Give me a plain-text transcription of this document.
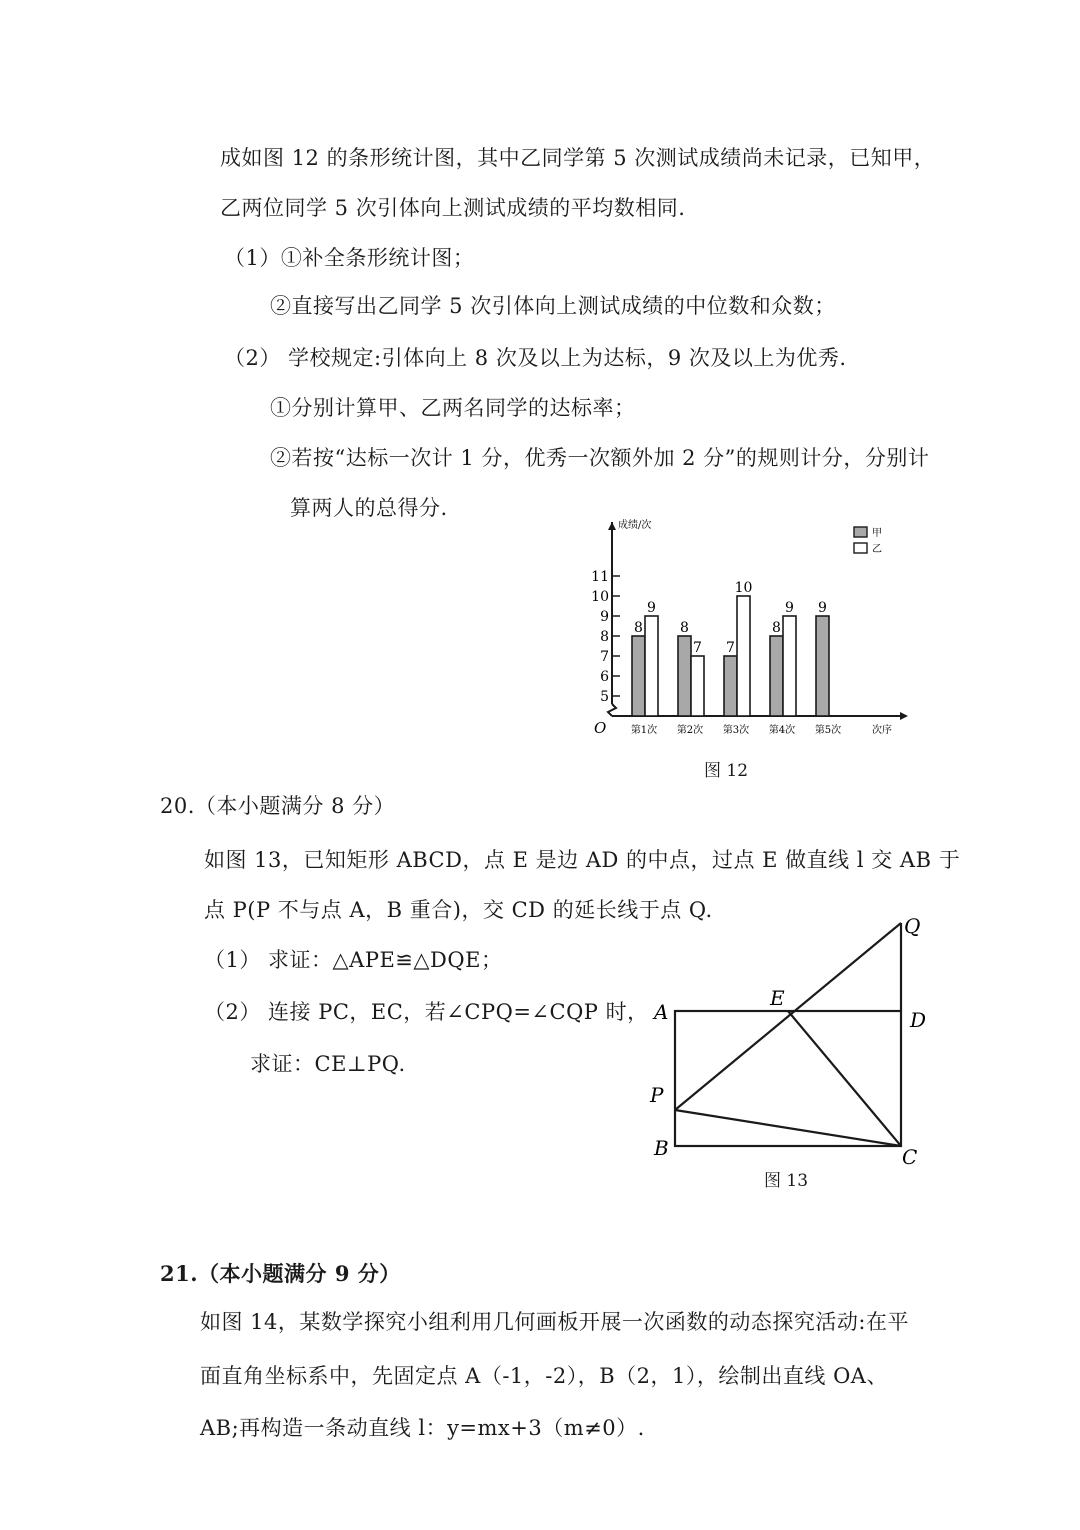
成如图 12 的条形统计图，其中乙同学第 5 次测试成绩尚未记录，已知甲，
乙两位同学 5 次引体向上测试成绩的平均数相同.
（1）①补全条形统计图；
②直接写出乙同学 5 次引体向上测试成绩的中位数和众数；
（2） 学校规定:引体向上 8 次及以上为达标，9 次及以上为优秀.
①分别计算甲、乙两名同学的达标率；
②若按“达标一次计 1 分，优秀一次额外加 2 分”的规则计分，分别计
算两人的总得分.
5
6
7
8
9
10
11
O
成绩/次
次序
甲
乙
8
9
第1次
8
7
第2次
7
10
第3次
8
9
第4次
9
第5次
图 12
20.（本小题满分 8 分）
如图 13，已知矩形 ABCD，点 E 是边 AD 的中点，过点 E 做直线 l 交 AB 于
点 P(P 不与点 A，B 重合)，交 CD 的延长线于点 Q.
（1） 求证：△APE≌△DQE；
（2） 连接 PC，EC，若∠CPQ=∠CQP 时，
求证：CE⊥PQ.
Q
A
E
D
P
B	C
图 13
21.（本小题满分 9 分）
如图 14，某数学探究小组利用几何画板开展一次函数的动态探究活动:在平
面直角坐标系中，先固定点 A（-1，-2），B（2，1），绘制出直线 OA、
AB;再构造一条动直线 l：y=mx+3（m≠0）.
